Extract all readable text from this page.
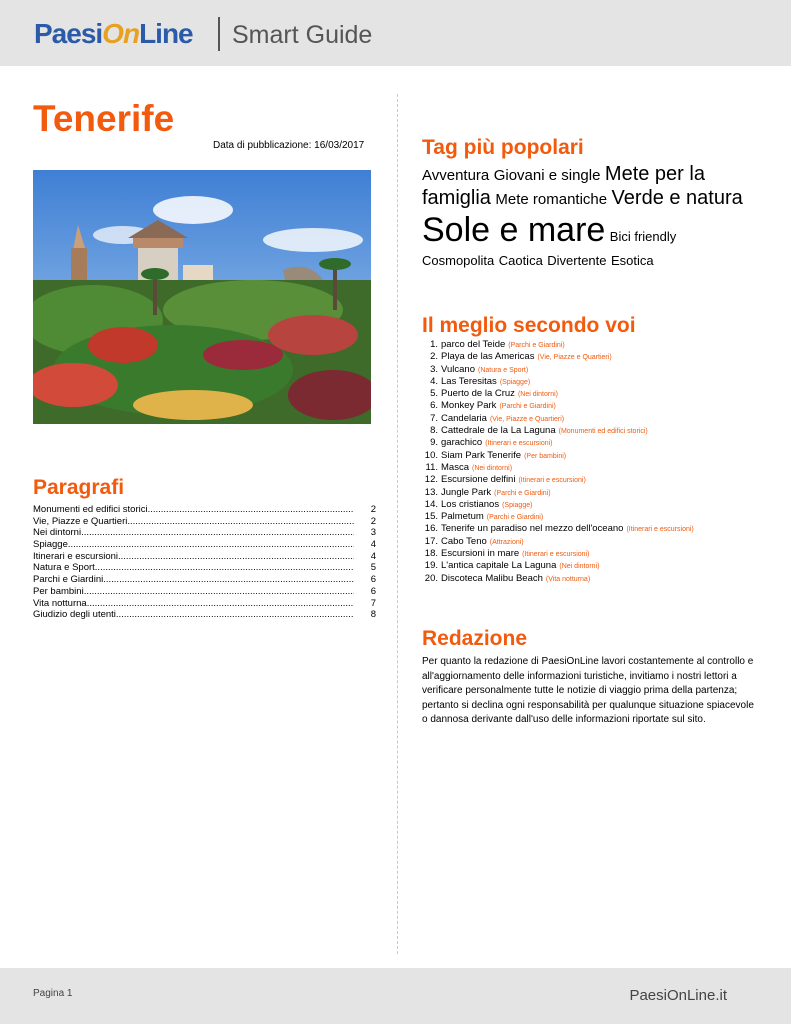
PaesiOnLine Smart Guide
Tenerife
Data di pubblicazione: 16/03/2017
Paragrafi
Monumenti ed edifici storici .....	2
Vie, Piazze e Quartieri .....	2
Nei dintorni .....	3
Spiagge .....	4
Itinerari e escursioni .....	4
Natura e Sport .....	5
Parchi e Giardini .....	6
Per bambini .....	6
Vita notturna .....	7
Giudizio degli utenti .....	8
Tag più popolari
Avventura Giovani e single Mete per la famiglia Mete romantiche Verde e natura Sole e mare Bici friendly Cosmopolita Caotica Divertente Esotica
Il meglio secondo voi
1. parco del Teide (Parchi e Giardini)
2. Playa de las Americas (Vie, Piazze e Quartieri)
3. Vulcano (Natura e Sport)
4. Las Teresitas (Spiagge)
5. Puerto de la Cruz (Nei dintorni)
6. Monkey Park (Parchi e Giardini)
7. Candelaria (Vie, Piazze e Quartieri)
8. Cattedrale de la La Laguna (Monumenti ed edifici storici)
9. garachico (Itinerari e escursioni)
10. Siam Park Tenerife (Per bambini)
11. Masca (Nei dintorni)
12. Escursione delfini (Itinerari e escursioni)
13. Jungle Park (Parchi e Giardini)
14. Los cristianos (Spiagge)
15. Palmetum (Parchi e Giardini)
16. Tenerife un paradiso nel mezzo dell'oceano (Itinerari e escursioni)
17. Cabo Teno (Attrazioni)
18. Escursioni in mare (Itinerari e escursioni)
19. L'antica capitale La Laguna (Nei dintorni)
20. Discoteca Malibu Beach (Vita notturna)
Redazione
Per quanto la redazione di PaesiOnLine lavori costantemente al controllo e all'aggiornamento delle informazioni turistiche, invitiamo i nostri lettori a verificare personalmente tutte le notizie di viaggio prima della partenza; pertanto si declina ogni responsabilità per qualunque situazione spiacevole o dannosa derivante dall'uso delle informazioni riportate sul sito.
Pagina 1	PaesiOnLine.it
